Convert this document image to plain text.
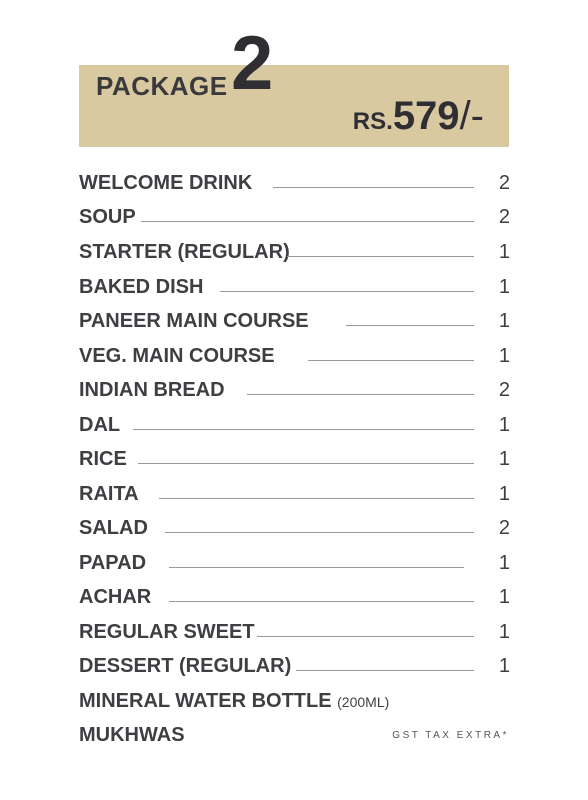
PACKAGE 2
RS.579/-
WELCOME DRINK	2
SOUP	2
STARTER (REGULAR)	1
BAKED DISH	1
PANEER MAIN COURSE	1
VEG. MAIN COURSE	1
INDIAN BREAD	2
DAL	1
RICE	1
RAITA	1
SALAD	2
PAPAD	1
ACHAR	1
REGULAR SWEET	1
DESSERT (REGULAR)	1
MINERAL WATER BOTTLE (200ML)
MUKHWAS	GST TAX EXTRA*
